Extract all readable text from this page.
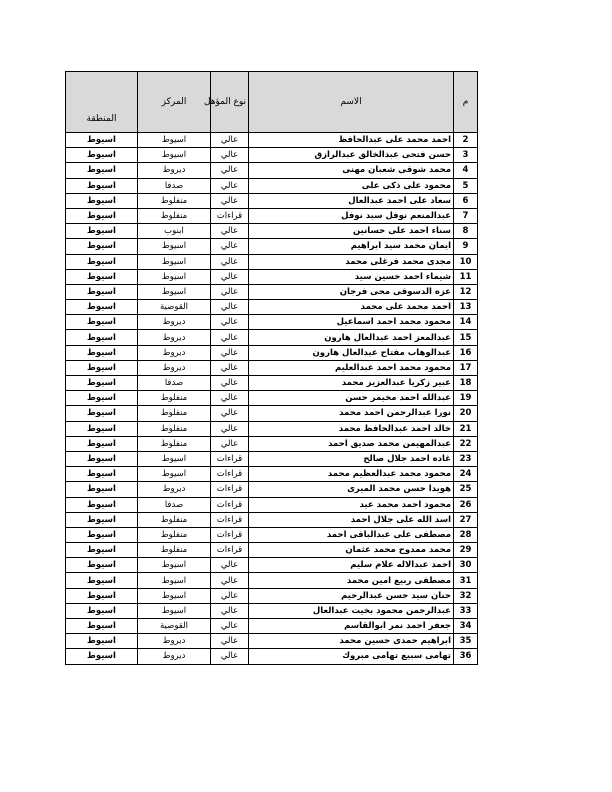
م	الاسم	نوع المؤهل	المركز	المنطقة
2	احمد محمد على عبدالحافظ	عالي	اسيوط	اسيوط
3	حسن فتحى عبدالخالق عبدالرازق	عالي	اسيوط	اسيوط
4	محمد شوقى شعبان مهنى	عالي	ديروط	اسيوط
5	محمود على ذكى على	عالي	صدفا	اسيوط
6	سعاد على احمد عبدالعال	عالي	منفلوط	اسيوط
7	عبدالمنعم نوفل سيد نوفل	قراءات	منفلوط	اسيوط
8	سناء احمد على حسانين	عالي	ابنوب	اسيوط
9	ايمان محمد سيد ابراهيم	عالي	اسيوط	اسيوط
10	مجدى محمد فرغلى محمد	عالي	اسيوط	اسيوط
11	شيماء احمد حسين سيد	عالي	اسيوط	اسيوط
12	عزه الدسوقى محى فرجان	عالي	اسيوط	اسيوط
13	احمد محمد على محمد	عالي	القوصية	اسيوط
14	محمود محمد احمد اسماعيل	عالي	ديروط	اسيوط
15	عبدالمعز احمد عبدالعال هارون	عالي	ديروط	اسيوط
16	عبدالوهاب مفتاح عبدالعال هارون	عالي	ديروط	اسيوط
17	محمود محمد احمد عبدالعليم	عالي	ديروط	اسيوط
18	عبير زكريا عبدالعزيز محمد	عالي	صدفا	اسيوط
19	عبدالله احمد مخيمر حسن	عالي	منفلوط	اسيوط
20	نورا عبدالرحمن احمد محمد	عالي	منفلوط	اسيوط
21	خالد احمد عبدالحافظ محمد	عالي	منفلوط	اسيوط
22	عبدالمهيمن محمد صديق احمد	عالي	منفلوط	اسيوط
23	غاده احمد جلال صالح	قراءات	اسيوط	اسيوط
24	محمود محمد عبدالعظيم محمد	قراءات	اسيوط	اسيوط
25	هويدا حسن محمد الميرى	قراءات	ديروط	اسيوط
26	محمود احمد محمد عيد	قراءات	صدفا	اسيوط
27	اسد الله على جلال احمد	قراءات	منفلوط	اسيوط
28	مصطفى على عبدالباقى احمد	قراءات	منفلوط	اسيوط
29	محمد ممدوح محمد عثمان	قراءات	منفلوط	اسيوط
30	احمد عبدالاله علام سليم	عالي	اسيوط	اسيوط
31	مصطفى ربيع امين محمد	عالي	اسيوط	اسيوط
32	حنان سيد حسن عبدالرحيم	عالي	اسيوط	اسيوط
33	عبدالرحمن محمود بخيت عبدالعال	عالي	اسيوط	اسيوط
34	جعفر احمد نمر ابوالقاسم	عالي	القوصية	اسيوط
35	ابراهيم حمدى حسين محمد	عالي	ديروط	اسيوط
36	تهامى سبيع تهامى مبروك	عالي	ديروط	اسيوط
